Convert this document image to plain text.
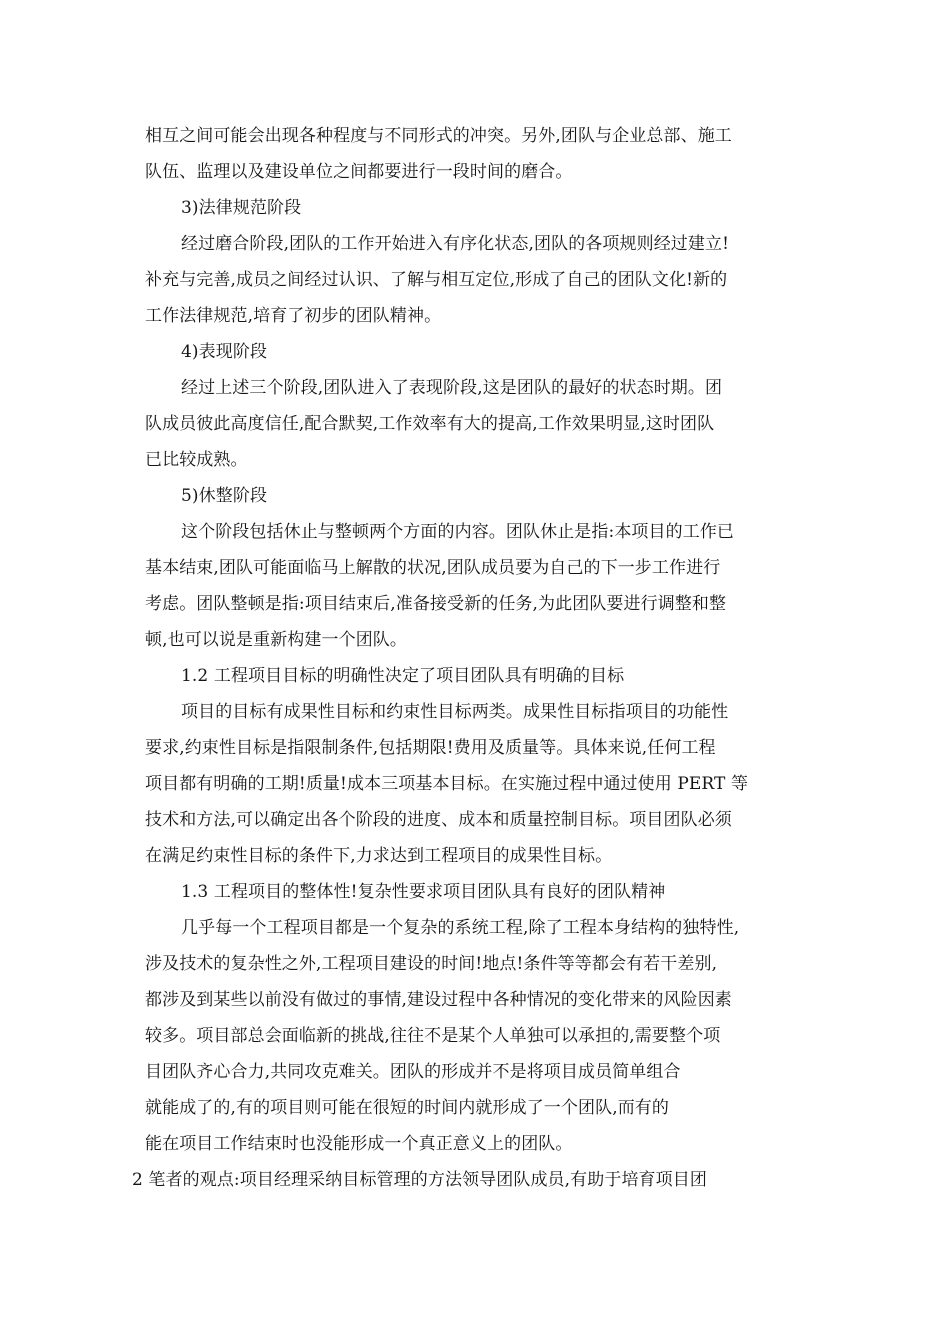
相互之间可能会出现各种程度与不同形式的冲突。另外,团队与企业总部、施工
队伍、监理以及建设单位之间都要进行一段时间的磨合。
3)法律规范阶段
经过磨合阶段,团队的工作开始进入有序化状态,团队的各项规则经过建立!
补充与完善,成员之间经过认识、了解与相互定位,形成了自己的团队文化!新的
工作法律规范,培育了初步的团队精神。
4)表现阶段
经过上述三个阶段,团队进入了表现阶段,这是团队的最好的状态时期。团
队成员彼此高度信任,配合默契,工作效率有大的提高,工作效果明显,这时团队
已比较成熟。
5)休整阶段
这个阶段包括休止与整顿两个方面的内容。团队休止是指:本项目的工作已
基本结束,团队可能面临马上解散的状况,团队成员要为自己的下一步工作进行
考虑。团队整顿是指:项目结束后,准备接受新的任务,为此团队要进行调整和整
顿,也可以说是重新构建一个团队。
1.2 工程项目目标的明确性决定了项目团队具有明确的目标
项目的目标有成果性目标和约束性目标两类。成果性目标指项目的功能性
要求,约束性目标是指限制条件,包括期限!费用及质量等。具体来说,任何工程
项目都有明确的工期!质量!成本三项基本目标。在实施过程中通过使用 PERT 等
技术和方法,可以确定出各个阶段的进度、成本和质量控制目标。项目团队必须
在满足约束性目标的条件下,力求达到工程项目的成果性目标。
1.3 工程项目的整体性!复杂性要求项目团队具有良好的团队精神
几乎每一个工程项目都是一个复杂的系统工程,除了工程本身结构的独特性,
涉及技术的复杂性之外,工程项目建设的时间!地点!条件等等都会有若干差别,
都涉及到某些以前没有做过的事情,建设过程中各种情况的变化带来的风险因素
较多。项目部总会面临新的挑战,往往不是某个人单独可以承担的,需要整个项
目团队齐心合力,共同攻克难关。团队的形成并不是将项目成员简单组合
就能成了的,有的项目则可能在很短的时间内就形成了一个团队,而有的
能在项目工作结束时也没能形成一个真正意义上的团队。
2 笔者的观点:项目经理采纳目标管理的方法领导团队成员,有助于培育项目团
